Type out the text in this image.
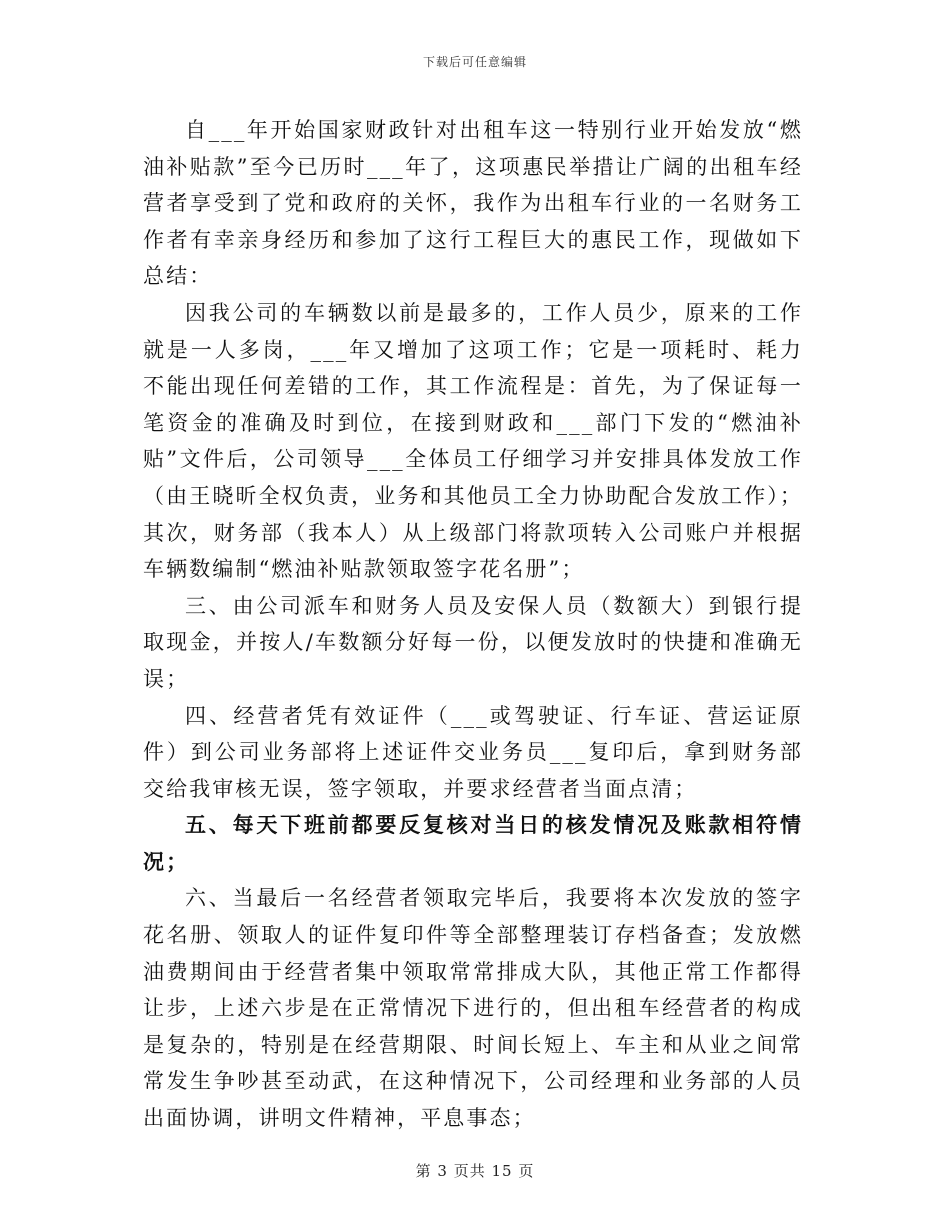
下载后可任意编辑

自___年开始国家财政针对出租车这一特别行业开始发放“燃油补贴款”至今已历时___年了，这项惠民举措让广阔的出租车经营者享受到了党和政府的关怀，我作为出租车行业的一名财务工作者有幸亲身经历和参加了这行工程巨大的惠民工作，现做如下总结：

因我公司的车辆数以前是最多的，工作人员少，原来的工作就是一人多岗，___年又增加了这项工作；它是一项耗时、耗力不能出现任何差错的工作，其工作流程是：首先，为了保证每一笔资金的准确及时到位，在接到财政和___部门下发的“燃油补贴”文件后，公司领导___全体员工仔细学习并安排具体发放工作（由王晓昕全权负责，业务和其他员工全力协助配合发放工作）；其次，财务部（我本人）从上级部门将款项转入公司账户并根据车辆数编制“燃油补贴款领取签字花名册”；

三、由公司派车和财务人员及安保人员（数额大）到银行提取现金，并按人/车数额分好每一份，以便发放时的快捷和准确无误；

四、经营者凭有效证件（___或驾驶证、行车证、营运证原件）到公司业务部将上述证件交业务员___复印后，拿到财务部交给我审核无误，签字领取，并要求经营者当面点清；

五、每天下班前都要反复核对当日的核发情况及账款相符情况；

六、当最后一名经营者领取完毕后，我要将本次发放的签字花名册、领取人的证件复印件等全部整理装订存档备查；发放燃油费期间由于经营者集中领取常常排成大队，其他正常工作都得让步，上述六步是在正常情况下进行的，但出租车经营者的构成是复杂的，特别是在经营期限、时间长短上、车主和从业之间常常发生争吵甚至动武，在这种情况下，公司经理和业务部的人员出面协调，讲明文件精神，平息事态；

第 3 页共 15 页
